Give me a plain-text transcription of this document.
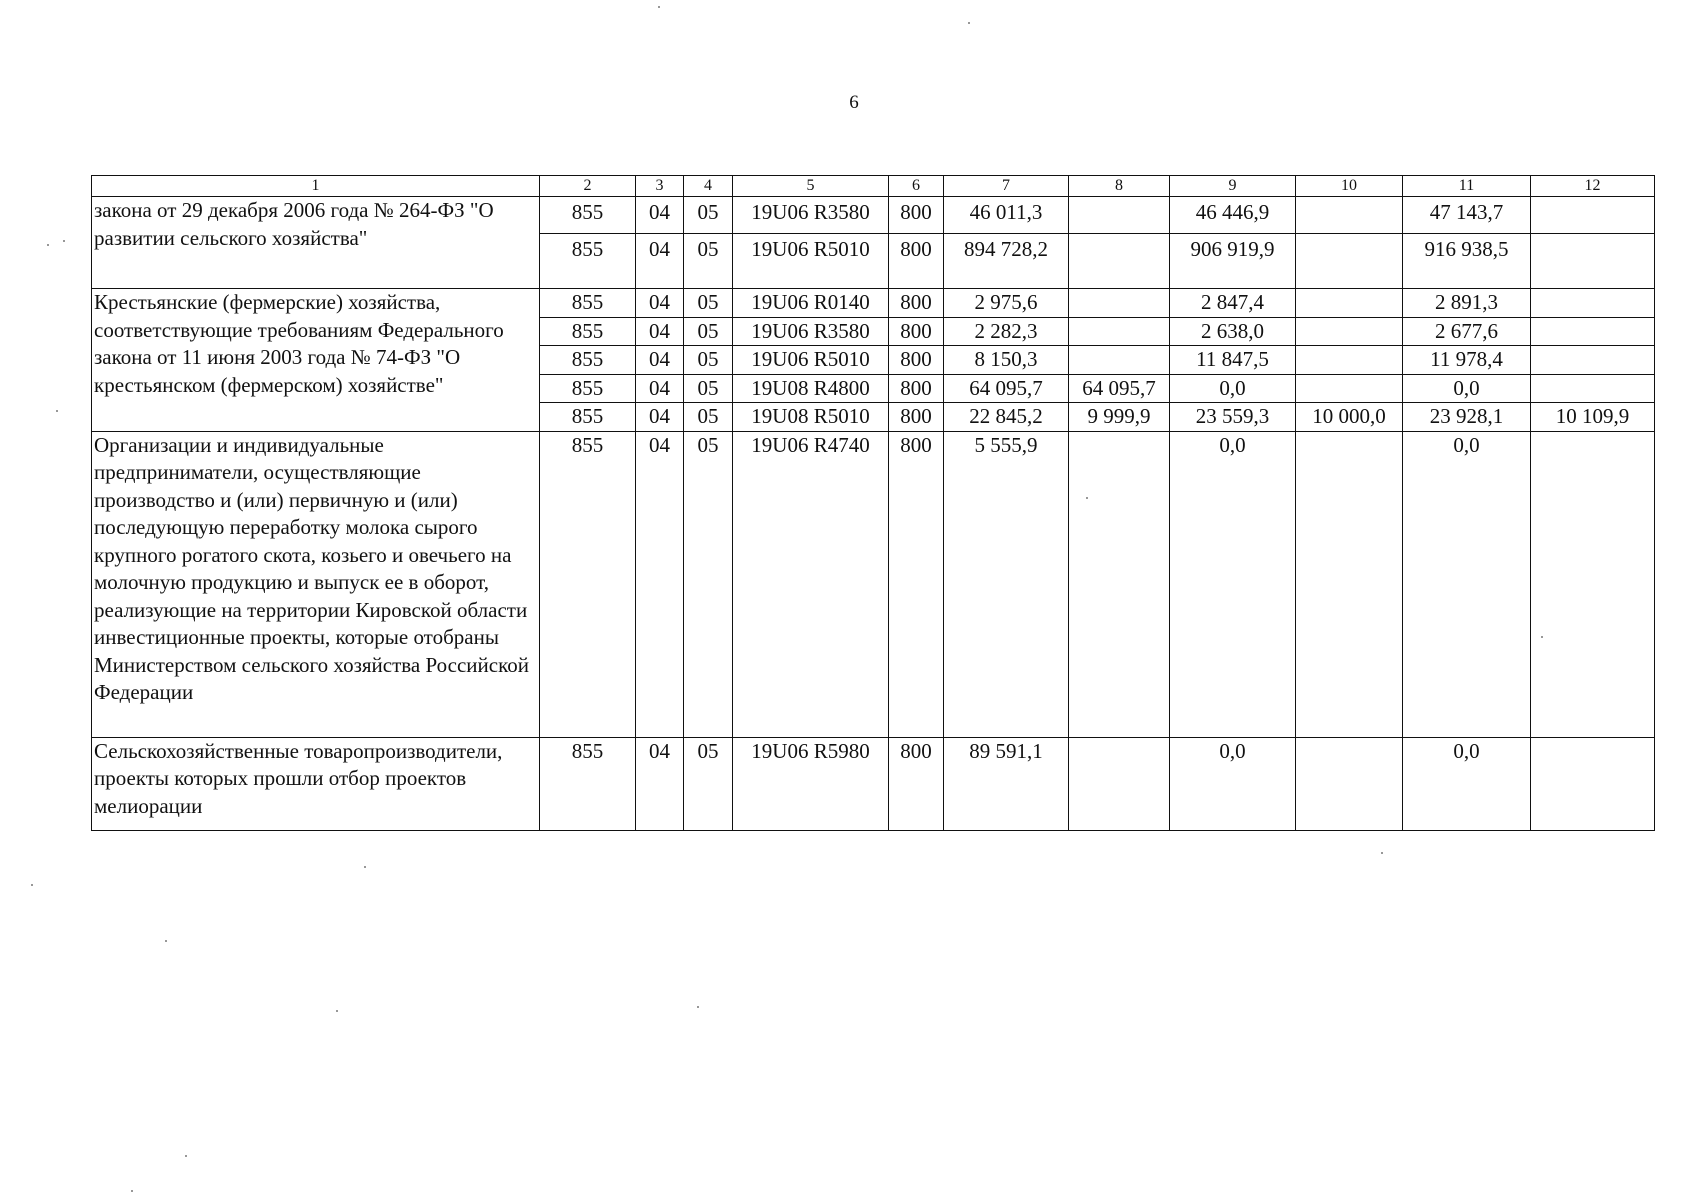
6
1	2	3	4	5	6	7	8	9	10	11	12
закона от 29 декабря 2006 года № 264-ФЗ "О развитии сельского хозяйства"	855	04	05	19U06 R3580	800	46 011,3		46 446,9		47 143,7	
	855	04	05	19U06 R5010	800	894 728,2		906 919,9		916 938,5	
Крестьянские (фермерские) хозяйства, соответствующие требованиям Федерального закона от 11 июня 2003 года № 74-ФЗ "О крестьянском (фермерском) хозяйстве"	855	04	05	19U06 R0140	800	2 975,6		2 847,4		2 891,3	
	855	04	05	19U06 R3580	800	2 282,3		2 638,0		2 677,6	
	855	04	05	19U06 R5010	800	8 150,3		11 847,5		11 978,4	
	855	04	05	19U08 R4800	800	64 095,7	64 095,7	0,0		0,0	
	855	04	05	19U08 R5010	800	22 845,2	9 999,9	23 559,3	10 000,0	23 928,1	10 109,9
Организации и индивидуальные предприниматели, осуществляющие производство и (или) первичную и (или) последующую переработку молока сырого крупного рогатого скота, козьего и овечьего на молочную продукцию и выпуск ее в оборот, реализующие на территории Кировской области инвестиционные проекты, которые отобраны Министерством сельского хозяйства Российской Федерации	855	04	05	19U06 R4740	800	5 555,9		0,0		0,0	
Сельскохозяйственные товаропроизводители, проекты которых прошли отбор проектов мелиорации	855	04	05	19U06 R5980	800	89 591,1		0,0		0,0	
